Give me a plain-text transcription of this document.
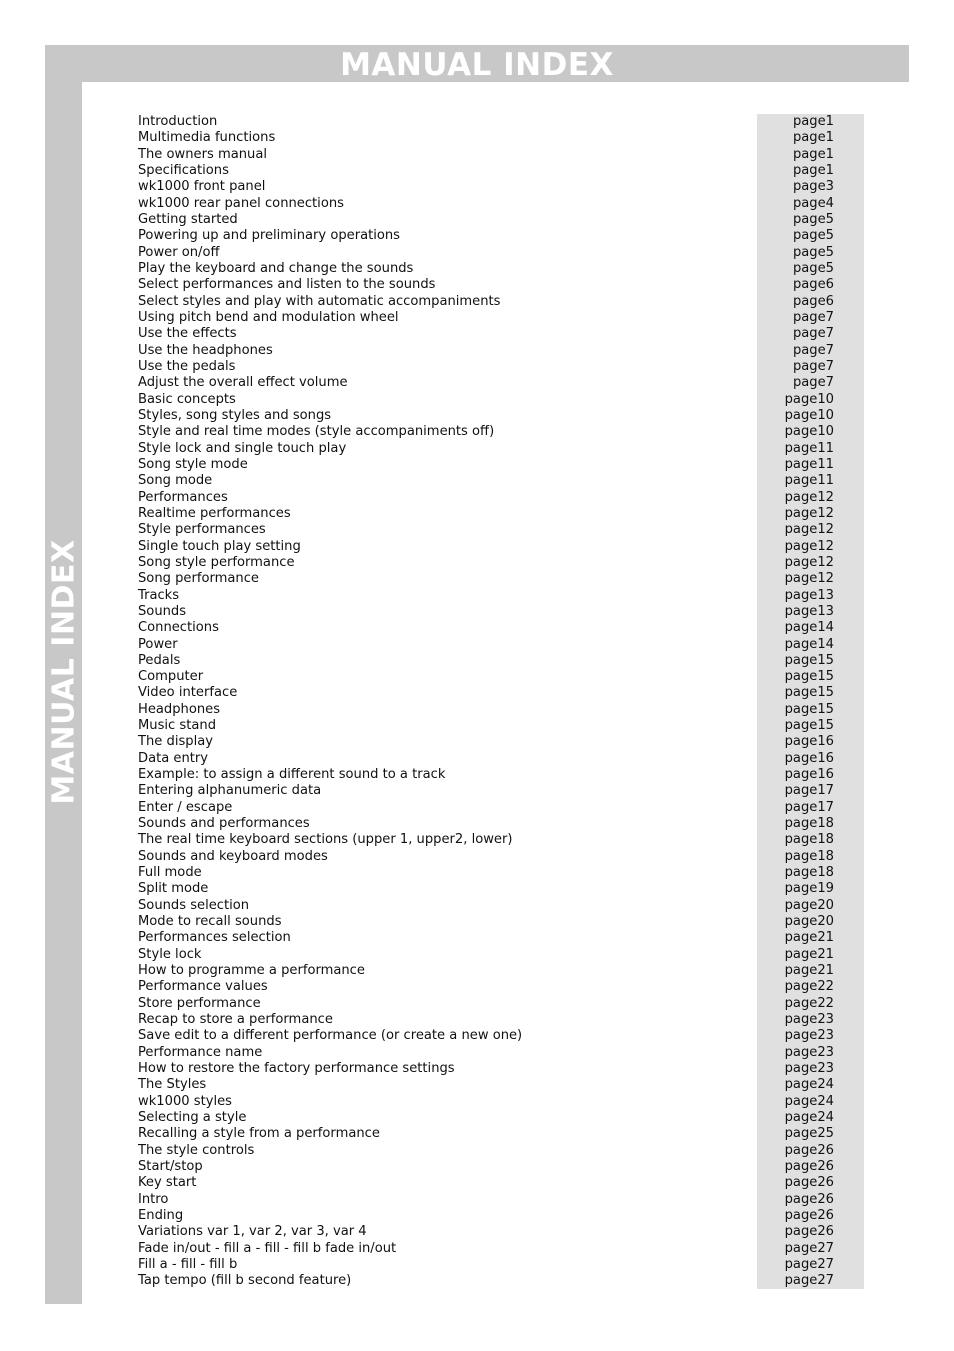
MANUAL INDEX
MANUAL INDEX
Introduction	page1
Multimedia functions	page1
The owners manual	page1
Specifications	page1
wk1000 front panel	page3
wk1000 rear panel connections	page4
Getting started	page5
Powering up and preliminary operations	page5
Power on/off	page5
Play the keyboard and change the sounds	page5
Select performances and listen to the sounds	page6
Select styles and play with automatic accompaniments	page6
Using pitch bend and modulation wheel	page7
Use the effects	page7
Use the headphones	page7
Use the pedals	page7
Adjust the overall effect volume	page7
Basic concepts	page10
Styles, song styles and songs	page10
Style and real time modes (style accompaniments off)	page10
Style lock and single touch play	page11
Song style mode	page11
Song mode	page11
Performances	page12
Realtime performances	page12
Style performances	page12
Single touch play setting	page12
Song style performance	page12
Song performance	page12
Tracks	page13
Sounds	page13
Connections	page14
Power	page14
Pedals	page15
Computer	page15
Video interface	page15
Headphones	page15
Music stand	page15
The display	page16
Data entry	page16
Example: to assign a different sound to a track	page16
Entering alphanumeric data	page17
Enter / escape	page17
Sounds and performances	page18
The real time keyboard sections (upper 1, upper2, lower)	page18
Sounds and keyboard modes	page18
Full mode	page18
Split mode	page19
Sounds selection	page20
Mode to recall sounds	page20
Performances selection	page21
Style lock	page21
How to programme a performance	page21
Performance values	page22
Store performance	page22
Recap to store a performance	page23
Save edit to a different performance (or create a new one)	page23
Performance name	page23
How to restore the factory performance settings	page23
The Styles	page24
wk1000 styles	page24
Selecting a style	page24
Recalling a style from a performance	page25
The style controls	page26
Start/stop	page26
Key start	page26
Intro	page26
Ending	page26
Variations var 1, var 2, var 3, var 4	page26
Fade in/out - fill a - fill - fill b fade in/out	page27
Fill a - fill - fill b	page27
Tap tempo (fill b second feature)	page27
